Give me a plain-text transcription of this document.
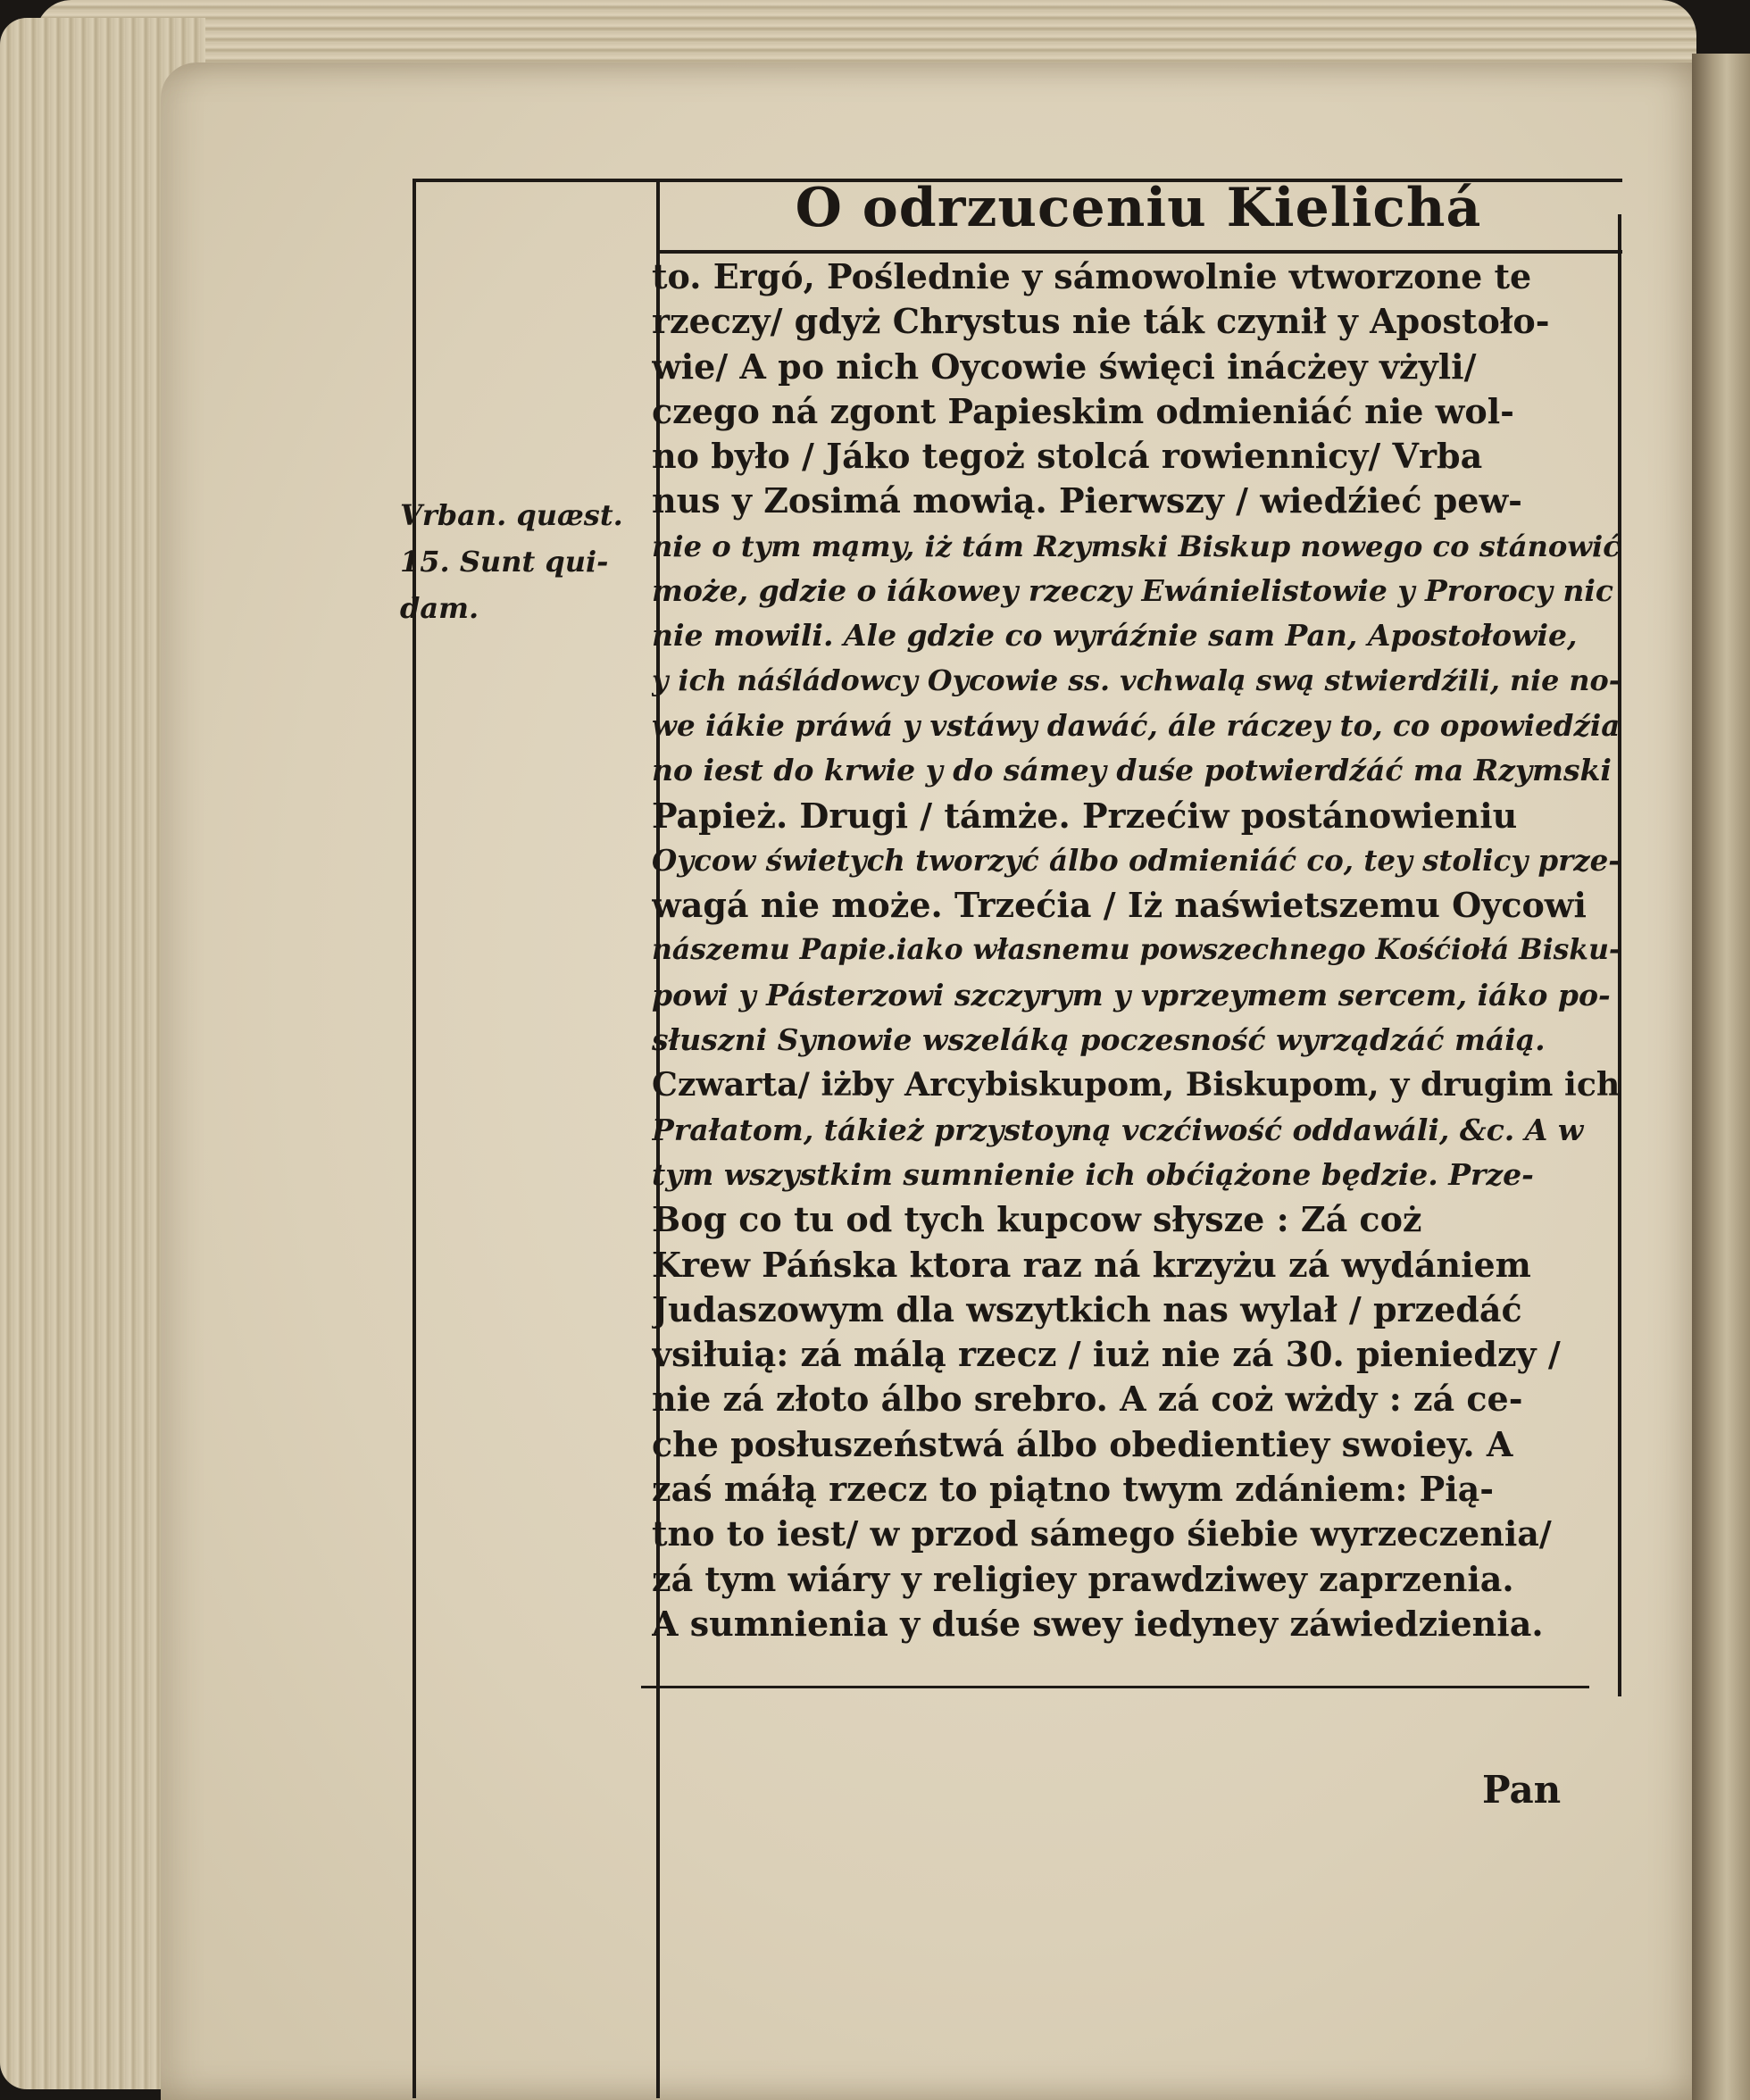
O odrzuceniu Kielichá
Vrban. quæst.
15. Sunt qui-
dam.
to. Ergó, Poślednie y sámowolnie vtworzone te
rzeczy/ gdyż Chrystus nie ták czynił y Apostoło-
wie/ A po nich Oycowie święci inácżey vżyli/
czego ná zgont Papieskim odmieniáć nie wol-
no było / Jáko tegoż stolcá rowiennicy/ Vrba
nus y Zosimá mowią. Pierwszy / wiedźieć pew-
nie o tym mąmy, iż tám Rzymski Biskup nowego co stánowić
może, gdzie o iákowey rzeczy Ewánielistowie y Prorocy nic
nie mowili. Ale gdzie co wyráźnie sam Pan, Apostołowie,
y ich náśládowcy Oycowie ss. vchwalą swą stwierdźili, nie no-
we iákie práwá y vstáwy dawáć, ále ráczey to, co opowiedźia
no iest do krwie y do sámey duśe potwierdźáć ma Rzymski
Papież. Drugi / támże. Przećiw postánowieniu
Oycow świetych tworzyć álbo odmieniáć co, tey stolicy prze-
wagá nie może. Trzećia / Iż naświetszemu Oycowi
nászemu Papie.iako własnemu powszechnego Kośćiołá Bisku-
powi y Pásterzowi szczyrym y vprzeymem sercem, iáko po-
słuszni Synowie wszeláką poczesność wyrządzáć máią.
Czwarta/ iżby Arcybiskupom, Biskupom, y drugim ich
Prałatom, tákież przystoyną vczćiwość oddawáli, &c. A w
tym wszystkim sumnienie ich obćiążone będzie. Prze-
Bog co tu od tych kupcow słysze : Zá coż
Krew Páńska ktora raz ná krzyżu zá wydániem
Judaszowym dla wszytkich nas wylał / przedáć
vsiłuią: zá málą rzecz / iuż nie zá 30. pieniedzy /
nie zá złoto álbo srebro. A zá coż wżdy : zá ce-
che posłuszeństwá álbo obedientiey swoiey. A
zaś máłą rzecz to piątno twym zdániem: Pią-
tno to iest/ w przod sámego śiebie wyrzeczenia/
zá tym wiáry y religiey prawdziwey zaprzenia.
A sumnienia y duśe swey iedyney záwiedzienia.
Pan
